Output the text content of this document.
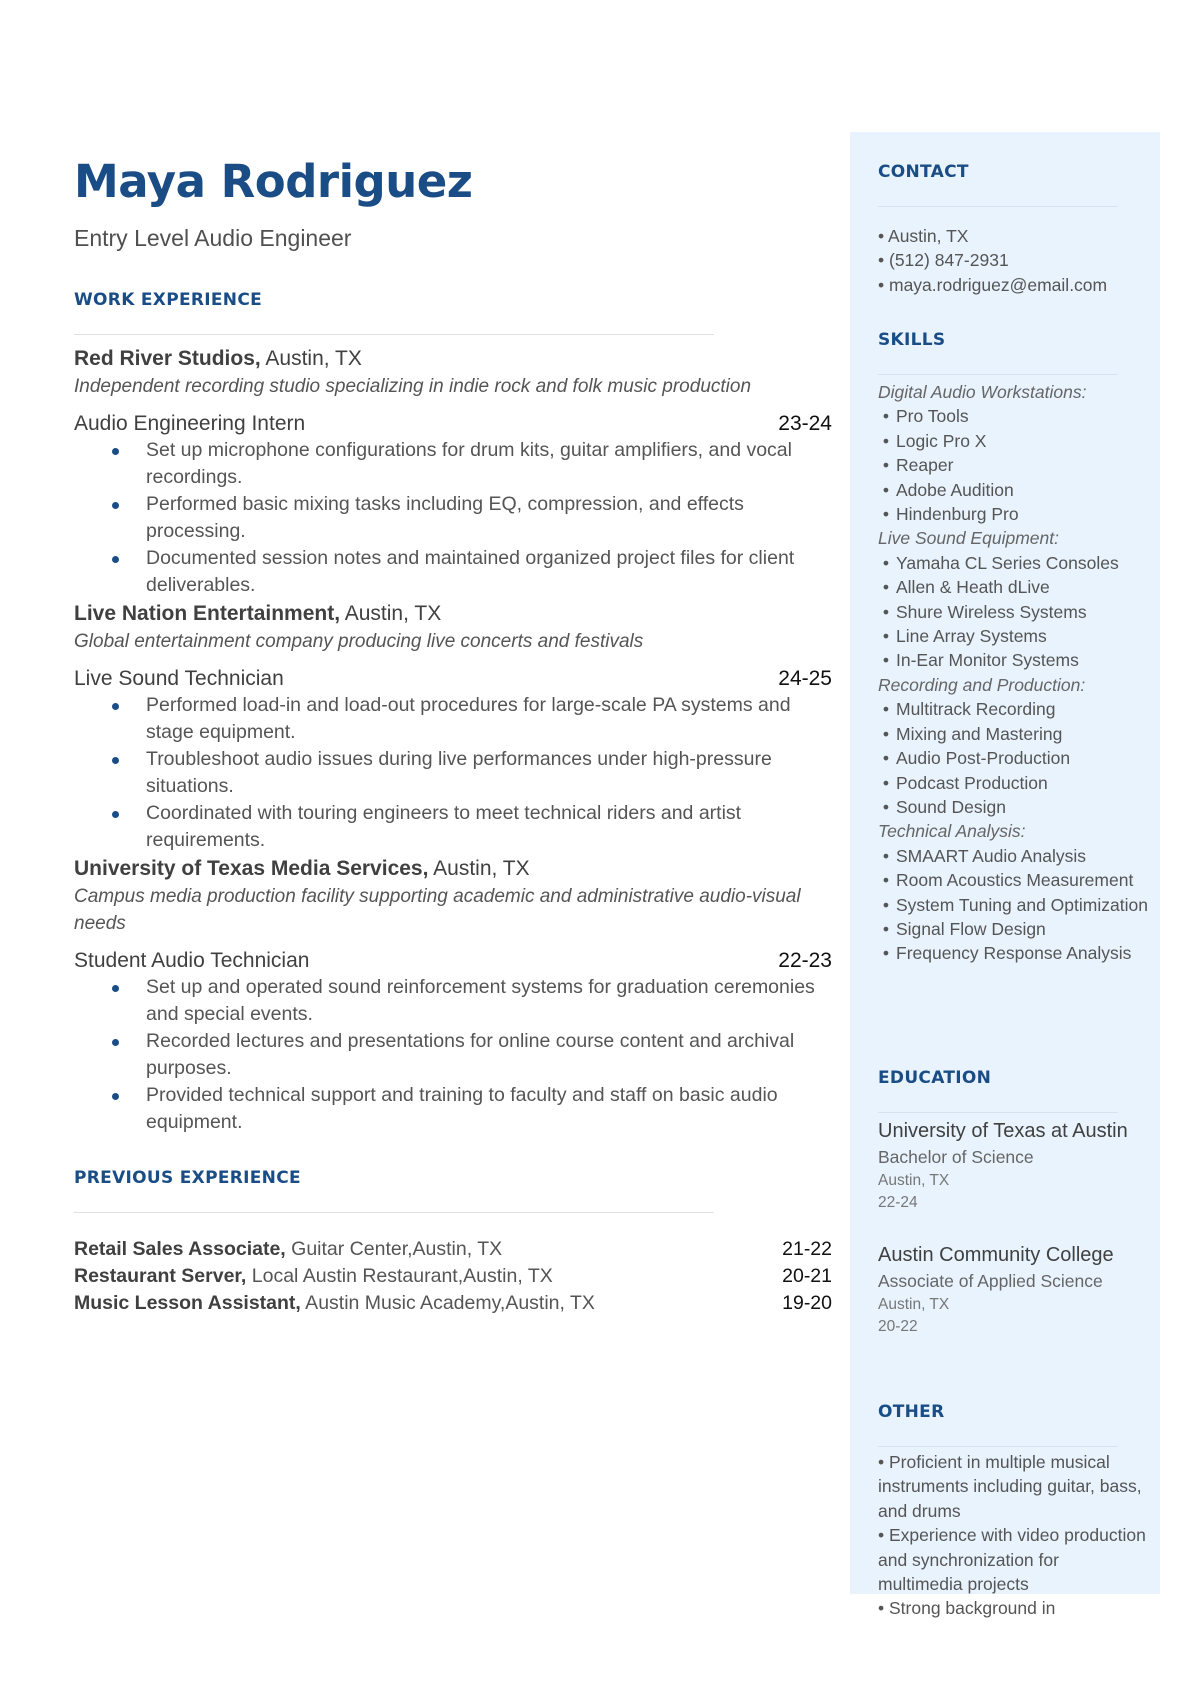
Maya Rodriguez
Entry Level Audio Engineer
WORK EXPERIENCE
Red River Studios, Austin, TX
Independent recording studio specializing in indie rock and folk music production
Audio Engineering Intern	23-24
Set up microphone configurations for drum kits, guitar amplifiers, and vocal recordings.
Performed basic mixing tasks including EQ, compression, and effects processing.
Documented session notes and maintained organized project files for client deliverables.
Live Nation Entertainment, Austin, TX
Global entertainment company producing live concerts and festivals
Live Sound Technician	24-25
Performed load-in and load-out procedures for large-scale PA systems and stage equipment.
Troubleshoot audio issues during live performances under high-pressure situations.
Coordinated with touring engineers to meet technical riders and artist requirements.
University of Texas Media Services, Austin, TX
Campus media production facility supporting academic and administrative audio-visual needs
Student Audio Technician	22-23
Set up and operated sound reinforcement systems for graduation ceremonies and special events.
Recorded lectures and presentations for online course content and archival purposes.
Provided technical support and training to faculty and staff on basic audio equipment.
PREVIOUS EXPERIENCE
Retail Sales Associate, Guitar Center,Austin, TX	21-22
Restaurant Server, Local Austin Restaurant,Austin, TX	20-21
Music Lesson Assistant, Austin Music Academy,Austin, TX	19-20
CONTACT
• Austin, TX
• (512) 847-2931
• maya.rodriguez@email.com
SKILLS
Digital Audio Workstations:
• Pro Tools
• Logic Pro X
• Reaper
• Adobe Audition
• Hindenburg Pro
Live Sound Equipment:
• Yamaha CL Series Consoles
• Allen & Heath dLive
• Shure Wireless Systems
• Line Array Systems
• In-Ear Monitor Systems
Recording and Production:
• Multitrack Recording
• Mixing and Mastering
• Audio Post-Production
• Podcast Production
• Sound Design
Technical Analysis:
• SMAART Audio Analysis
• Room Acoustics Measurement
• System Tuning and Optimization
• Signal Flow Design
• Frequency Response Analysis
EDUCATION
University of Texas at Austin
Bachelor of Science
Austin, TX
22-24
Austin Community College
Associate of Applied Science
Austin, TX
20-22
OTHER
• Proficient in multiple musical instruments including guitar, bass, and drums
• Experience with video production and synchronization for multimedia projects
• Strong background in
